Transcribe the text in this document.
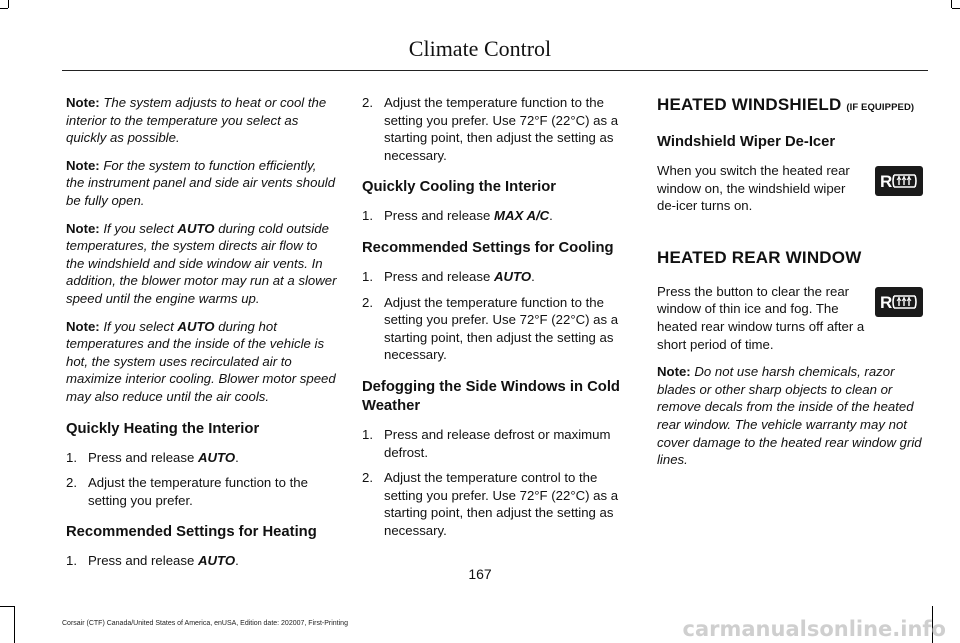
Climate Control

Note: The system adjusts to heat or cool the interior to the temperature you select as quickly as possible.

Note: For the system to function efficiently, the instrument panel and side air vents should be fully open.

Note: If you select AUTO during cold outside temperatures, the system directs air flow to the windshield and side window air vents. In addition, the blower motor may run at a slower speed until the engine warms up.

Note: If you select AUTO during hot temperatures and the inside of the vehicle is hot, the system uses recirculated air to maximize interior cooling. Blower motor speed may also reduce until the air cools.

Quickly Heating the Interior
1. Press and release AUTO.
2. Adjust the temperature function to the setting you prefer.
Recommended Settings for Heating
1. Press and release AUTO.
2. Adjust the temperature function to the setting you prefer. Use 72°F (22°C) as a starting point, then adjust the setting as necessary.
Quickly Cooling the Interior
1. Press and release MAX A/C.
Recommended Settings for Cooling
1. Press and release AUTO.
2. Adjust the temperature function to the setting you prefer. Use 72°F (22°C) as a starting point, then adjust the setting as necessary.
Defogging the Side Windows in Cold Weather
1. Press and release defrost or maximum defrost.
2. Adjust the temperature control to the setting you prefer. Use 72°F (22°C) as a starting point, then adjust the setting as necessary.
HEATED WINDSHIELD (IF EQUIPPED)
Windshield Wiper De-Icer
R

When you switch the heated rear window on, the windshield wiper de-icer turns on.

HEATED REAR WINDOW
R

Press the button to clear the rear window of thin ice and fog. The heated rear window turns off after a short period of time.

Note: Do not use harsh chemicals, razor blades or other sharp objects to clean or remove decals from the inside of the heated rear window. The vehicle warranty may not cover damage to the heated rear window grid lines.

167
Corsair (CTF) Canada/United States of America, enUSA, Edition date: 202007, First-Printing	carmanualsonline.info
